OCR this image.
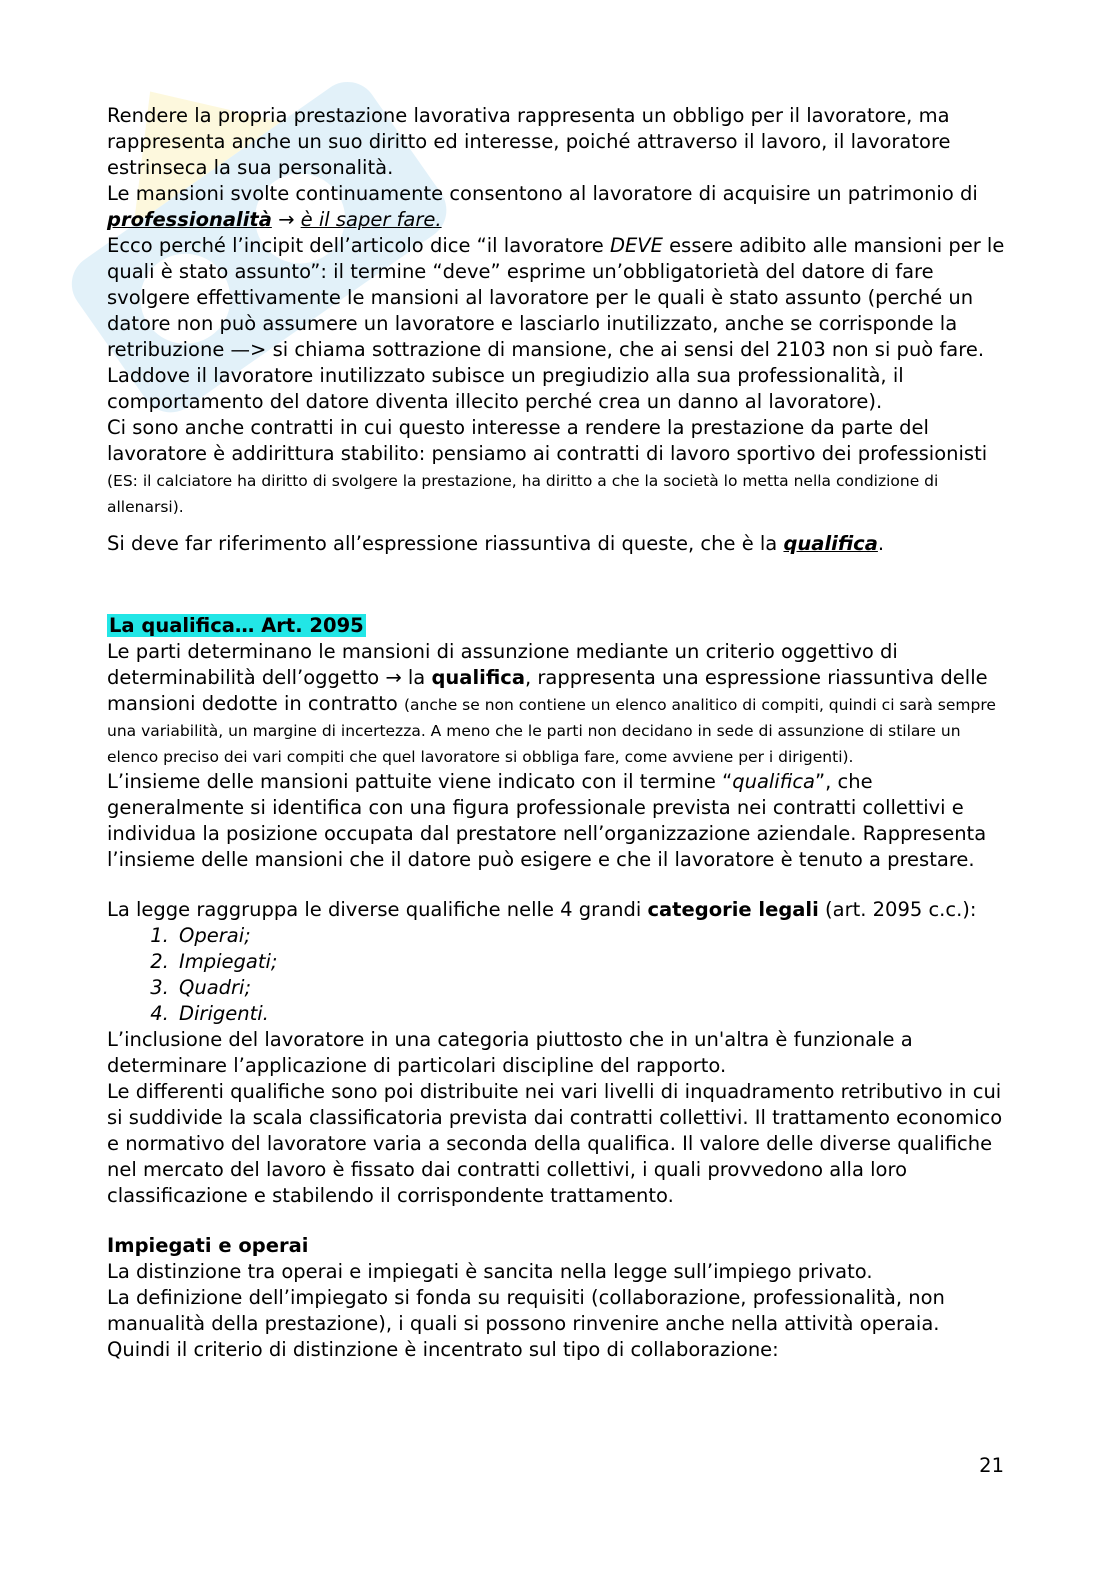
Rendere la propria prestazione lavorativa rappresenta un obbligo per il lavoratore, ma rappresenta anche un suo diritto ed interesse, poiché attraverso il lavoro, il lavoratore estrinseca la sua personalità.

Le mansioni svolte continuamente consentono al lavoratore di acquisire un patrimonio di professionalità → è il saper fare.

Ecco perché l’incipit dell’articolo dice “il lavoratore DEVE essere adibito alle mansioni per le quali è stato assunto”: il termine “deve” esprime un’obbligatorietà del datore di fare svolgere effettivamente le mansioni al lavoratore per le quali è stato assunto (perché un datore non può assumere un lavoratore e lasciarlo inutilizzato, anche se corrisponde la retribuzione —> si chiama sottrazione di mansione, che ai sensi del 2103 non si può fare. Laddove il lavoratore inutilizzato subisce un pregiudizio alla sua professionalità, il comportamento del datore diventa illecito perché crea un danno al lavoratore).

Ci sono anche contratti in cui questo interesse a rendere la prestazione da parte del lavoratore è addirittura stabilito: pensiamo ai contratti di lavoro sportivo dei professionisti (ES: il calciatore ha diritto di svolgere la prestazione, ha diritto a che la società lo metta nella condizione di allenarsi).

Si deve far riferimento all’espressione riassuntiva di queste, che è la qualifica.

La qualifica… Art. 2095

Le parti determinano le mansioni di assunzione mediante un criterio oggettivo di determinabilità dell’oggetto → la qualifica, rappresenta una espressione riassuntiva delle mansioni dedotte in contratto (anche se non contiene un elenco analitico di compiti, quindi ci sarà sempre una variabilità, un margine di incertezza. A meno che le parti non decidano in sede di assunzione di stilare un elenco preciso dei vari compiti che quel lavoratore si obbliga fare, come avviene per i dirigenti).

L’insieme delle mansioni pattuite viene indicato con il termine “qualifica”, che generalmente si identifica con una figura professionale prevista nei contratti collettivi e individua la posizione occupata dal prestatore nell’organizzazione aziendale. Rappresenta l’insieme delle mansioni che il datore può esigere e che il lavoratore è tenuto a prestare.

La legge raggruppa le diverse qualifiche nelle 4 grandi categorie legali (art. 2095 c.c.):

1. Operai;
2. Impiegati;
3. Quadri;
4. Dirigenti.

L’inclusione del lavoratore in una categoria piuttosto che in un'altra è funzionale a determinare l’applicazione di particolari discipline del rapporto.

Le differenti qualifiche sono poi distribuite nei vari livelli di inquadramento retributivo in cui si suddivide la scala classificatoria prevista dai contratti collettivi. Il trattamento economico e normativo del lavoratore varia a seconda della qualifica. Il valore delle diverse qualifiche nel mercato del lavoro è fissato dai contratti collettivi, i quali provvedono alla loro classificazione e stabilendo il corrispondente trattamento.

Impiegati e operai

La distinzione tra operai e impiegati è sancita nella legge sull’impiego privato.

La definizione dell’impiegato si fonda su requisiti (collaborazione, professionalità, non manualità della prestazione), i quali si possono rinvenire anche nella attività operaia.

Quindi il criterio di distinzione è incentrato sul tipo di collaborazione:

21
